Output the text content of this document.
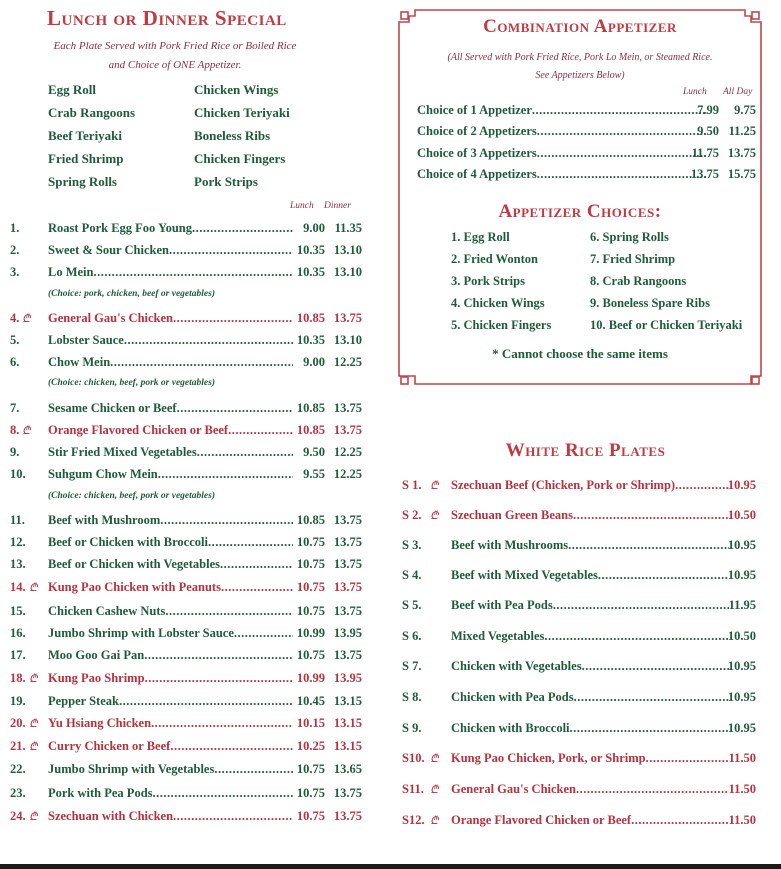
Lunch or Dinner Special
Each Plate Served with Pork Fried Rice or Boiled Rice
and Choice of ONE Appetizer.
Egg Roll	Chicken Wings
Crab Rangoons	Chicken Teriyaki
Beef Teriyaki	Boneless Ribs
Fried Shrimp	Chicken Fingers
Spring Rolls	Pork Strips
Lunch Dinner
1.	Roast Pork Egg Foo Young .....	9.00 11.35
2.	Sweet & Sour Chicken .....	10.35 13.10
3.	Lo Mein .....	10.35 13.10
(Choice: pork, chicken, beef or vegetables)
4. ₾ General Gau's Chicken .....	10.85 13.75
5.	Lobster Sauce .....	10.35 13.10
6.	Chow Mein .....	9.00 12.25
(Choice: chicken, beef, pork or vegetables)
7.	Sesame Chicken or Beef .....	10.85 13.75
8. ₾ Orange Flavored Chicken or Beef .....	10.85 13.75
9.	Stir Fried Mixed Vegetables .....	9.50 12.25
10.	Suhgum Chow Mein .....	9.55 12.25
(Choice: chicken, beef, pork or vegetables)
11.	Beef with Mushroom .....	10.85 13.75
12.	Beef or Chicken with Broccoli .....	10.75 13.75
13.	Beef or Chicken with Vegetables .....	10.75 13.75
14. ₾ Kung Pao Chicken with Peanuts .....	10.75 13.75
15.	Chicken Cashew Nuts .....	10.75 13.75
16.	Jumbo Shrimp with Lobster Sauce .....	10.99 13.95
17.	Moo Goo Gai Pan .....	10.75 13.75
18. ₾ Kung Pao Shrimp .....	10.99 13.95
19.	Pepper Steak .....	10.45 13.15
20. ₾ Yu Hsiang Chicken .....	10.15 13.15
21. ₾ Curry Chicken or Beef .....	10.25 13.15
22.	Jumbo Shrimp with Vegetables .....	10.75 13.65
23.	Pork with Pea Pods .....	10.75 13.75
24. ₾ Szechuan with Chicken .....	10.75 13.75
Combination Appetizer
(All Served with Pork Fried Rice, Pork Lo Mein, or Steamed Rice.
See Appetizers Below)
Lunch All Day
Choice of 1 Appetizer .....	7.99	9.75
Choice of 2 Appetizers .....	9.50 11.25
Choice of 3 Appetizers .....	11.75 13.75
Choice of 4 Appetizers .....	13.75 15.75
Appetizer Choices:
1. Egg Roll
2. Fried Wonton
3. Pork Strips
4. Chicken Wings
5. Chicken Fingers
6. Spring Rolls
7. Fried Shrimp
8. Crab Rangoons
9. Boneless Spare Ribs
10. Beef or Chicken Teriyaki
* Cannot choose the same items
White Rice Plates
S 1. ₾ Szechuan Beef (Chicken, Pork or Shrimp) .....	10.95
S 2. ₾ Szechuan Green Beans .....	10.50
S 3.	Beef with Mushrooms .....	10.95
S 4.	Beef with Mixed Vegetables .....	10.95
S 5.	Beef with Pea Pods .....	11.95
S 6.	Mixed Vegetables .....	10.50
S 7.	Chicken with Vegetables .....	10.95
S 8.	Chicken with Pea Pods .....	10.95
S 9.	Chicken with Broccoli .....	10.95
S10. ₾ Kung Pao Chicken, Pork, or Shrimp .....	11.50
S11. ₾ General Gau's Chicken .....	11.50
S12. ₾ Orange Flavored Chicken or Beef .....	11.50
